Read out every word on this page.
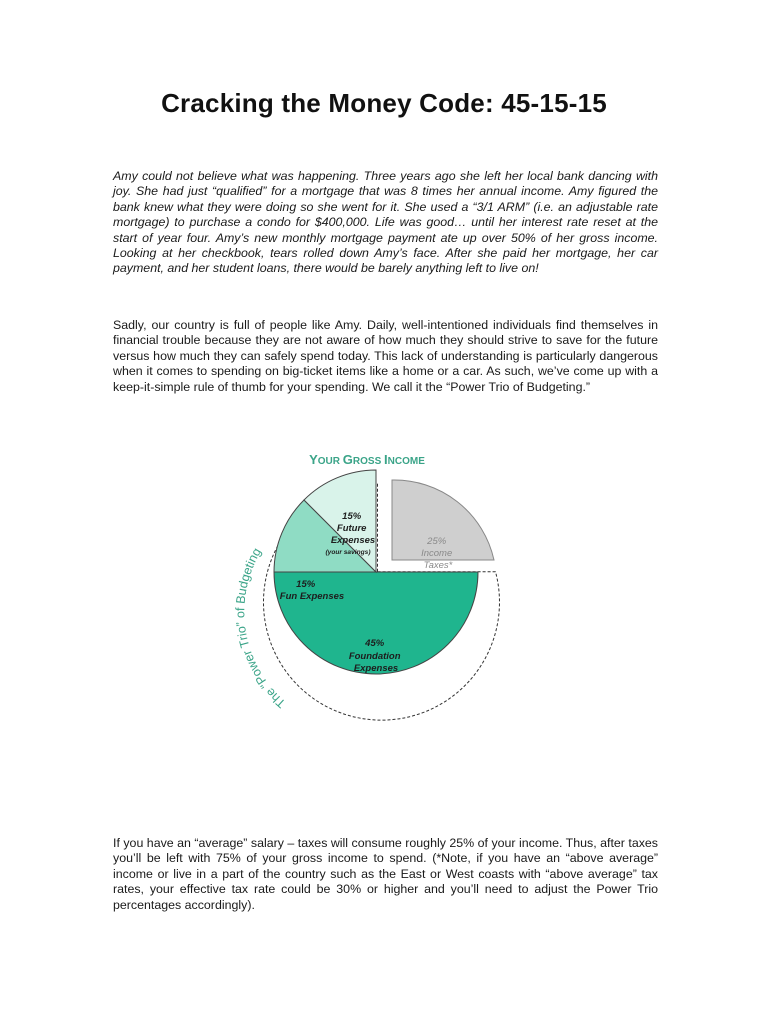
Cracking the Money Code: 45-15-15

Amy could not believe what was happening. Three years ago she left her local bank dancing with joy. She had just “qualified” for a mortgage that was 8 times her annual income. Amy figured the bank knew what they were doing so she went for it. She used a “3/1 ARM” (i.e. an adjustable rate mortgage) to purchase a condo for $400,000. Life was good… until her interest rate reset at the start of year four. Amy’s new monthly mortgage payment ate up over 50% of her gross income. Looking at her checkbook, tears rolled down Amy’s face. After she paid her mortgage, her car payment, and her student loans, there would be barely anything left to live on!

Sadly, our country is full of people like Amy. Daily, well-intentioned individuals find themselves in financial trouble because they are not aware of how much they should strive to save for the future versus how much they can safely spend today. This lack of understanding is particularly dangerous when it comes to spending on big-ticket items like a home or a car. As such, we’ve come up with a keep-it-simple rule of thumb for your spending. We call it the “Power Trio of Budgeting.”

YOUR GROSS INCOME
15% Future Expenses
(your savings)
25% Income Taxes*
15% Fun Expenses
45% Foundation Expenses
The “Power Trio” of Budgeting

If you have an “average” salary – taxes will consume roughly 25% of your income. Thus, after taxes you’ll be left with 75% of your gross income to spend. (*Note, if you have an “above average” income or live in a part of the country such as the East or West coasts with “above average” tax rates, your effective tax rate could be 30% or higher and you’ll need to adjust the Power Trio percentages accordingly).
